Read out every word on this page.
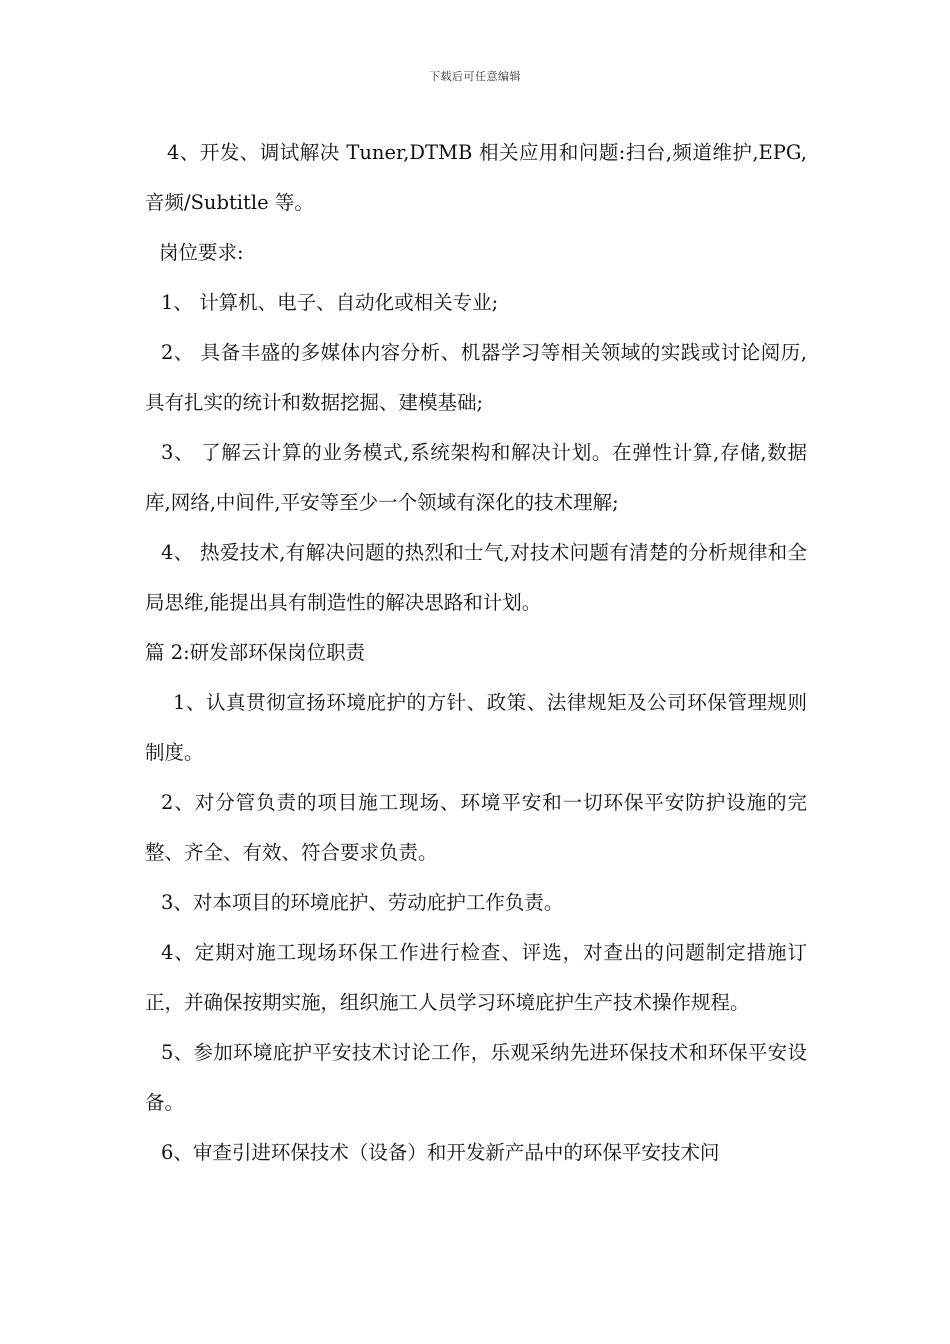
下载后可任意编辑

4、开发、调试解决 Tuner,DTMB 相关应用和问题:扫台,频道维护,EPG,音频/Subtitle 等。

岗位要求:

1、 计算机、电子、自动化或相关专业;

2、 具备丰盛的多媒体内容分析、机器学习等相关领域的实践或讨论阅历,具有扎实的统计和数据挖掘、建模基础;

3、 了解云计算的业务模式,系统架构和解决计划。在弹性计算,存储,数据库,网络,中间件,平安等至少一个领域有深化的技术理解;

4、 热爱技术,有解决问题的热烈和士气,对技术问题有清楚的分析规律和全局思维,能提出具有制造性的解决思路和计划。

篇 2:研发部环保岗位职责

1、认真贯彻宣扬环境庇护的方针、政策、法律规矩及公司环保管理规则制度。

2、对分管负责的项目施工现场、环境平安和一切环保平安防护设施的完整、齐全、有效、符合要求负责。

3、对本项目的环境庇护、劳动庇护工作负责。

4、定期对施工现场环保工作进行检查、评选，对查出的问题制定措施订正，并确保按期实施，组织施工人员学习环境庇护生产技术操作规程。

5、参加环境庇护平安技术讨论工作，乐观采纳先进环保技术和环保平安设备。

6、审查引进环保技术（设备）和开发新产品中的环保平安技术问
